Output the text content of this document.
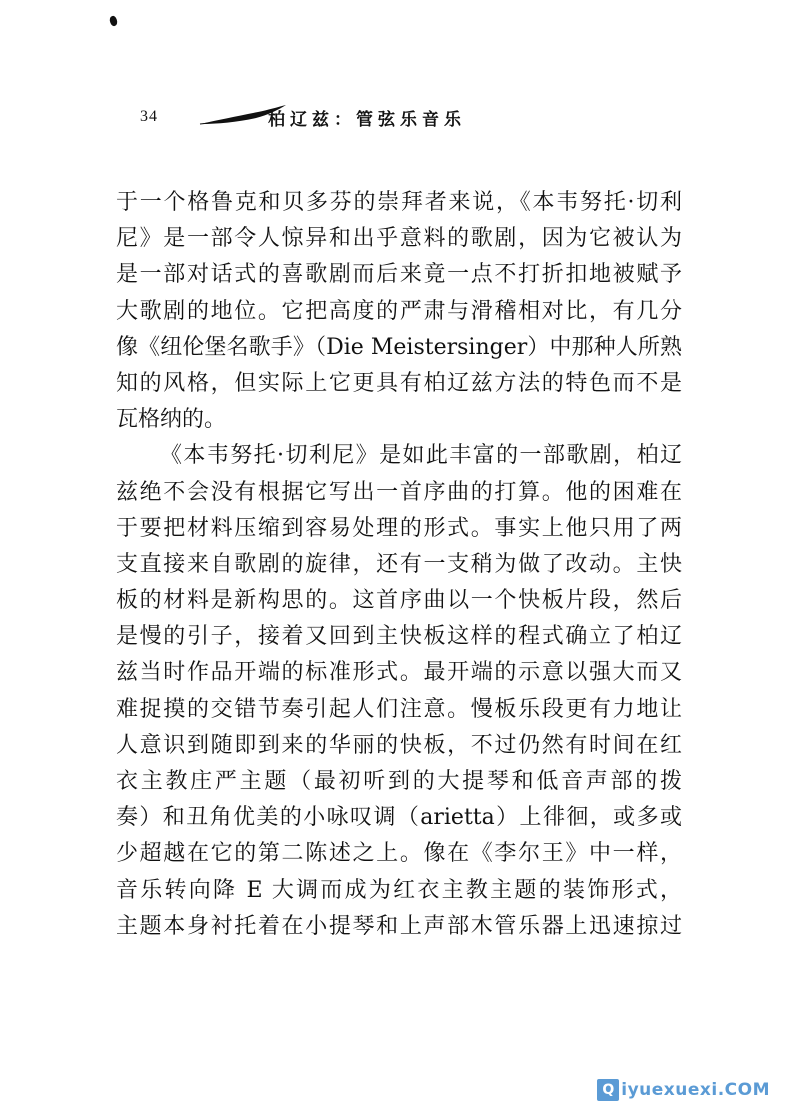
34	柏辽兹：管弦乐音乐
于一个格鲁克和贝多芬的崇拜者来说，《本韦努托·切利
尼》是一部令人惊异和出乎意料的歌剧，因为它被认为
是一部对话式的喜歌剧而后来竟一点不打折扣地被赋予
大歌剧的地位。它把高度的严肃与滑稽相对比，有几分
像《纽伦堡名歌手》（Die Meistersinger）中那种人所熟
知的风格，但实际上它更具有柏辽兹方法的特色而不是
瓦格纳的。
《本韦努托·切利尼》是如此丰富的一部歌剧，柏辽
兹绝不会没有根据它写出一首序曲的打算。他的困难在
于要把材料压缩到容易处理的形式。事实上他只用了两
支直接来自歌剧的旋律，还有一支稍为做了改动。主快
板的材料是新构思的。这首序曲以一个快板片段，然后
是慢的引子，接着又回到主快板这样的程式确立了柏辽
兹当时作品开端的标准形式。最开端的示意以强大而又
难捉摸的交错节奏引起人们注意。慢板乐段更有力地让
人意识到随即到来的华丽的快板，不过仍然有时间在红
衣主教庄严主题（最初听到的大提琴和低音声部的拨
奏）和丑角优美的小咏叹调（arietta）上徘徊，或多或
少超越在它的第二陈述之上。像在《李尔王》中一样，
音乐转向降 E 大调而成为红衣主教主题的装饰形式，
主题本身衬托着在小提琴和上声部木管乐器上迅速掠过
Q iyuexuexi.COM
